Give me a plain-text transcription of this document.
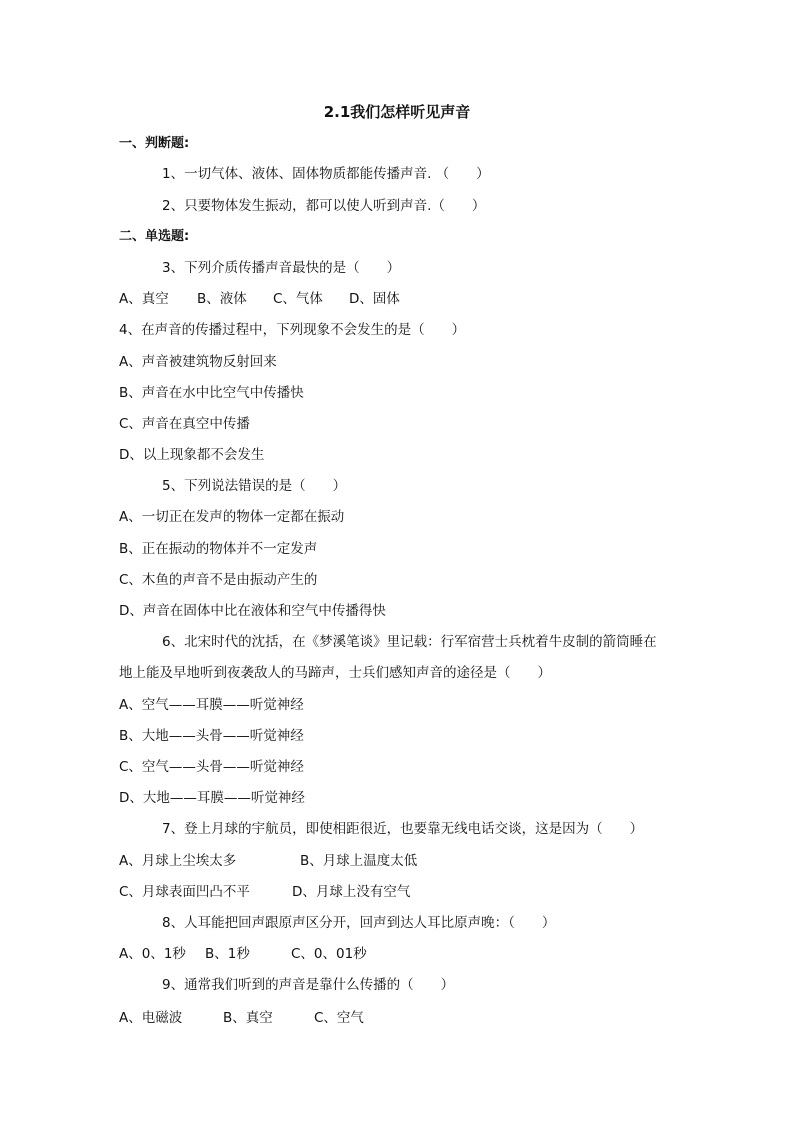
2.1我们怎样听见声音
一、判断题:
1、一切气体、液体、固体物质都能传播声音. （　　）
2、只要物体发生振动，都可以使人听到声音.（　　）
二、单选题:
3、下列介质传播声音最快的是（　　）
A、真空 B、液体 C、气体 D、固体
4、在声音的传播过程中，下列现象不会发生的是（　　）
A、声音被建筑物反射回来
B、声音在水中比空气中传播快
C、声音在真空中传播
D、以上现象都不会发生
5、下列说法错误的是（　　）
A、一切正在发声的物体一定都在振动
B、正在振动的物体并不一定发声
C、木鱼的声音不是由振动产生的
D、声音在固体中比在液体和空气中传播得快
6、北宋时代的沈括，在《梦溪笔谈》里记载：行军宿营士兵枕着牛皮制的箭筒睡在
地上能及早地听到夜袭敌人的马蹄声，士兵们感知声音的途径是（　　）
A、空气——耳膜——听觉神经
B、大地——头骨——听觉神经
C、空气——头骨——听觉神经
D、大地——耳膜——听觉神经
7、登上月球的宇航员，即使相距很近，也要靠无线电话交谈，这是因为（　　）
A、月球上尘埃太多	B、月球上温度太低
C、月球表面凹凸不平	D、月球上没有空气
8、人耳能把回声跟原声区分开，回声到达人耳比原声晚：（　　）
A、0、1秒 B、1秒	C、0、01秒
9、通常我们听到的声音是靠什么传播的（　　）
A、电磁波	B、真空	C、空气
